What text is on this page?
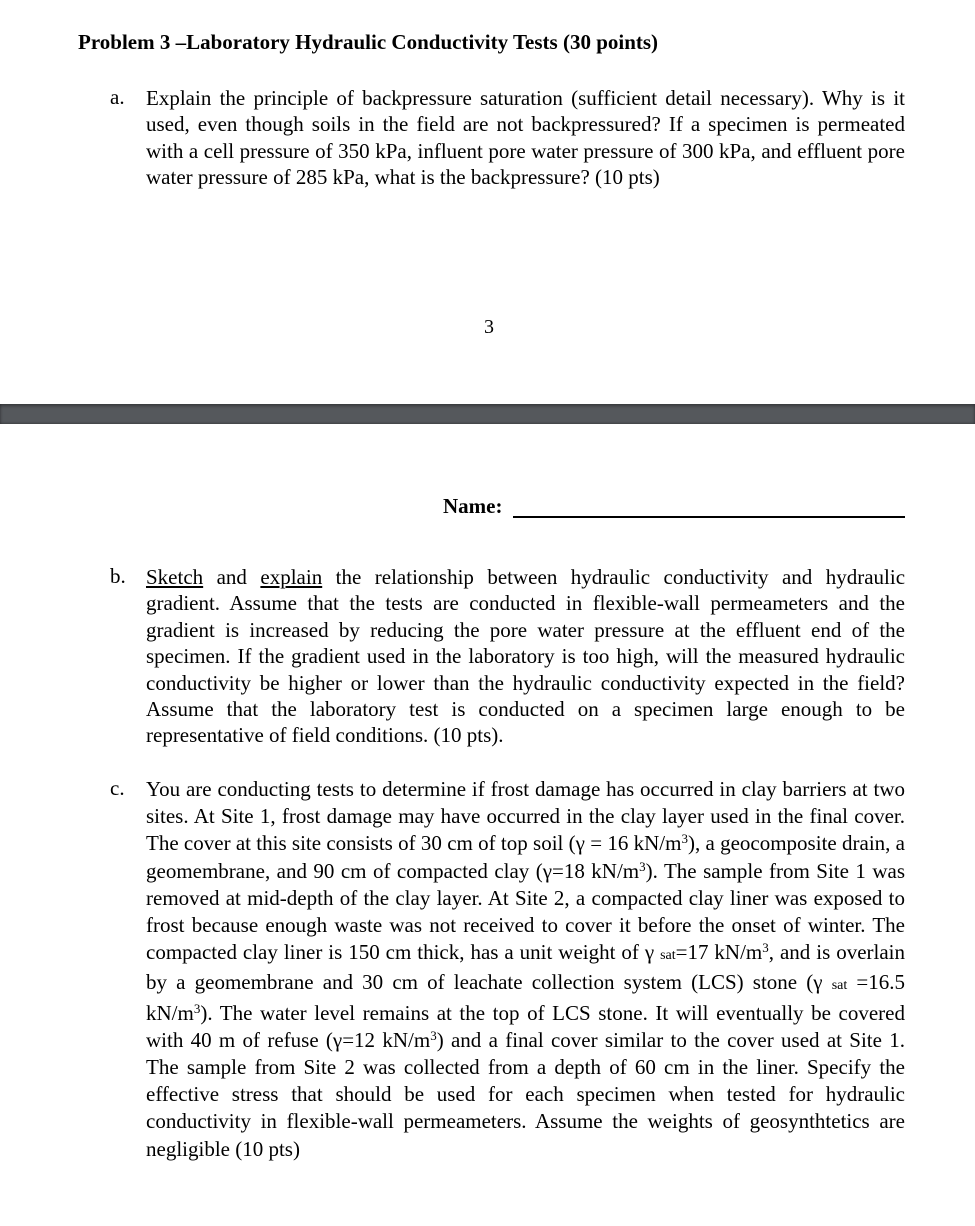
Problem 3 –Laboratory Hydraulic Conductivity Tests (30 points)
a.	Explain the principle of backpressure saturation (sufficient detail necessary). Why is it used, even though soils in the field are not backpressured? If a specimen is permeated with a cell pressure of 350 kPa, influent pore water pressure of 300 kPa, and effluent pore water pressure of 285 kPa, what is the backpressure? (10 pts)
3
Name:
b. Sketch and explain the relationship between hydraulic conductivity and hydraulic gradient. Assume that the tests are conducted in flexible-wall permeameters and the gradient is increased by reducing the pore water pressure at the effluent end of the specimen. If the gradient used in the laboratory is too high, will the measured hydraulic conductivity be higher or lower than the hydraulic conductivity expected in the field? Assume that the laboratory test is conducted on a specimen large enough to be representative of field conditions. (10 pts).
c.	You are conducting tests to determine if frost damage has occurred in clay barriers at two sites. At Site 1, frost damage may have occurred in the clay layer used in the final cover. The cover at this site consists of 30 cm of top soil (γ = 16 $kN/m^3$), a geocomposite drain, a geomembrane, and 90 cm of compacted clay (γ=18 $kN/m^3$). The sample from Site 1 was removed at mid-depth of the clay layer. At Site 2, a compacted clay liner was exposed to frost because enough waste was not received to cover it before the onset of winter. The compacted clay liner is 150 cm thick, has a unit weight of γ sat=17 $kN/m^3$, and is overlain by a geomembrane and 30 cm of leachate collection system (LCS) stone (γ sat =16.5 $kN/m^3$). The water level remains at the top of LCS stone. It will eventually be covered with 40 m of refuse (γ=12 $kN/m^3$) and a final cover similar to the cover used at Site 1. The sample from Site 2 was collected from a depth of 60 cm in the liner. Specify the effective stress that should be used for each specimen when tested for hydraulic conductivity in flexible-wall permeameters. Assume the weights of geosynthtetics are negligible (10 pts)
